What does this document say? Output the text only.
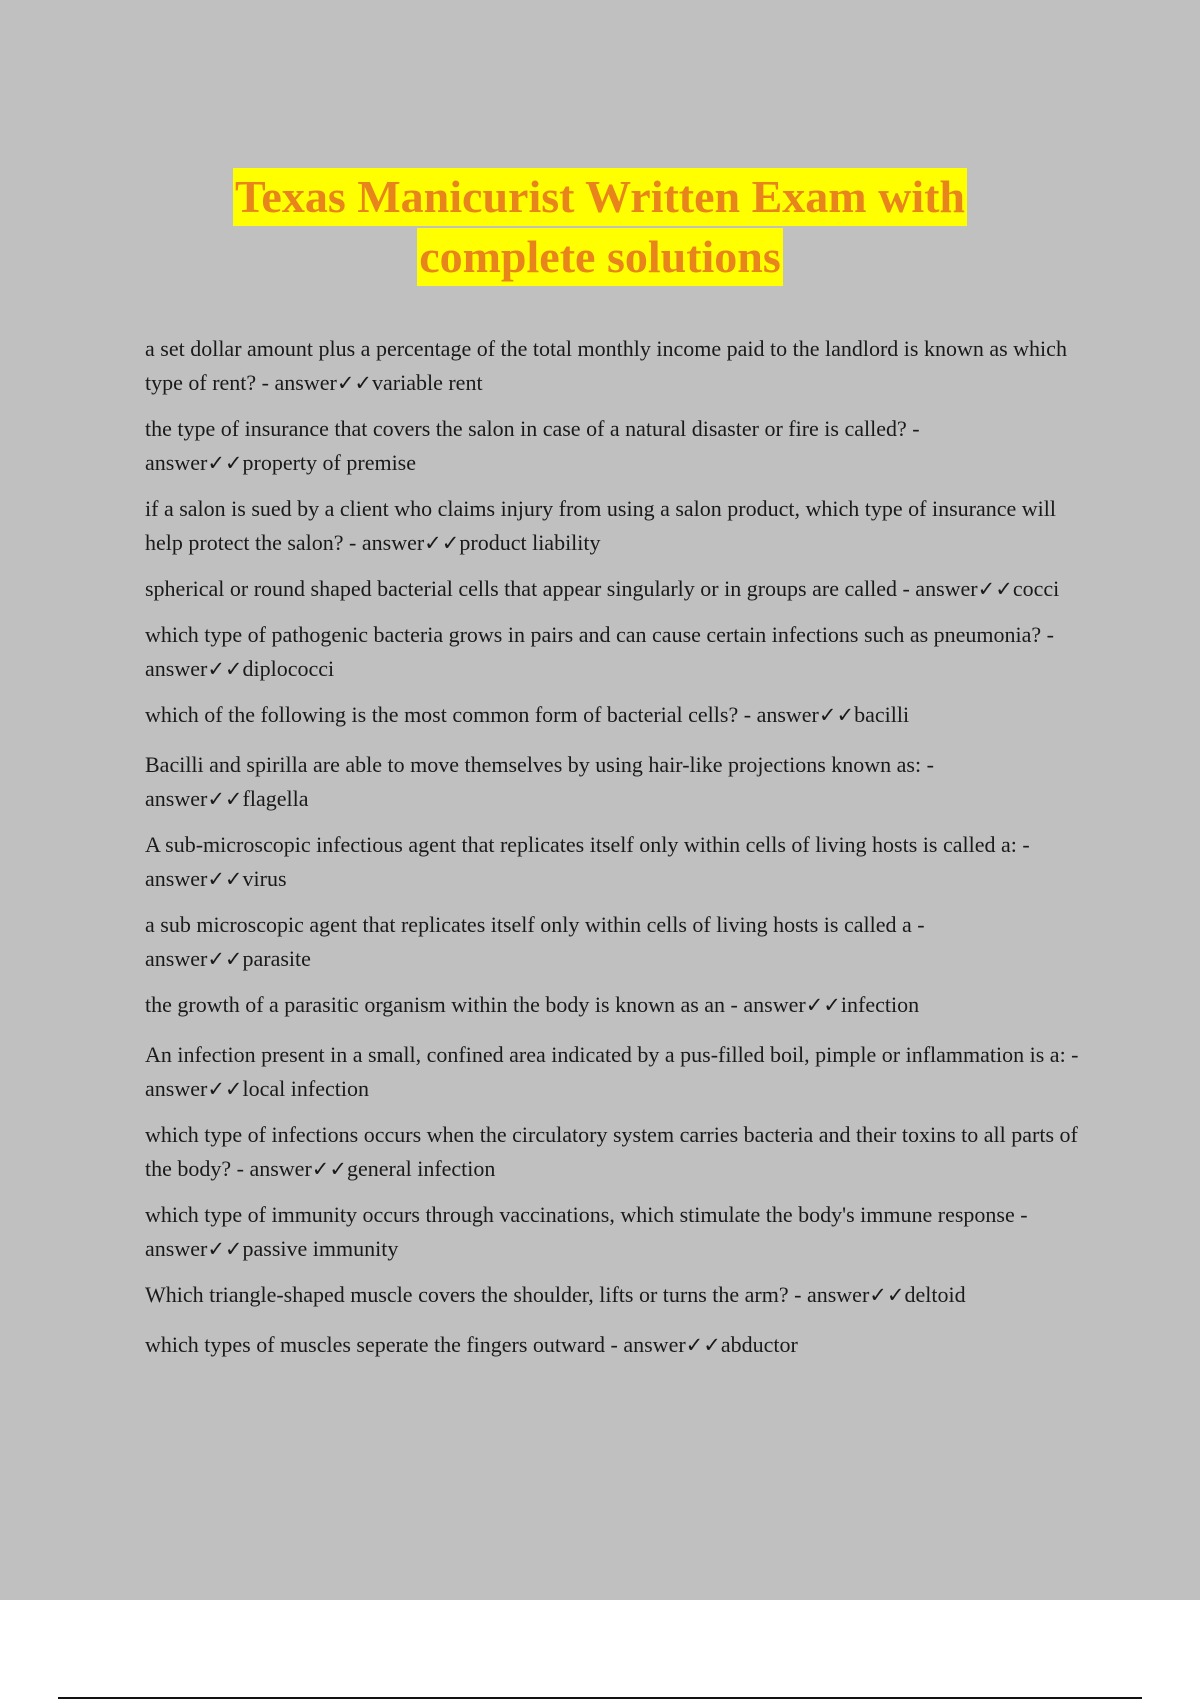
Texas Manicurist Written Exam with
complete solutions
a set dollar amount plus a percentage of the total monthly income paid to the landlord is known as which type of rent? - answer✓✓variable rent
the type of insurance that covers the salon in case of a natural disaster or fire is called? - answer✓✓property of premise
if a salon is sued by a client who claims injury from using a salon product, which type of insurance will help protect the salon? - answer✓✓product liability
spherical or round shaped bacterial cells that appear singularly or in groups are called - answer✓✓cocci
which type of pathogenic bacteria grows in pairs and can cause certain infections such as pneumonia? - answer✓✓diplococci
which of the following is the most common form of bacterial cells? - answer✓✓bacilli
Bacilli and spirilla are able to move themselves by using hair-like projections known as: - answer✓✓flagella
A sub-microscopic infectious agent that replicates itself only within cells of living hosts is called a: - answer✓✓virus
a sub microscopic agent that replicates itself only within cells of living hosts is called a - answer✓✓parasite
the growth of a parasitic organism within the body is known as an - answer✓✓infection
An infection present in a small, confined area indicated by a pus-filled boil, pimple or inflammation is a: - answer✓✓local infection
which type of infections occurs when the circulatory system carries bacteria and their toxins to all parts of the body? - answer✓✓general infection
which type of immunity occurs through vaccinations, which stimulate the body's immune response - answer✓✓passive immunity
Which triangle-shaped muscle covers the shoulder, lifts or turns the arm? - answer✓✓deltoid
which types of muscles seperate the fingers outward - answer✓✓abductor
